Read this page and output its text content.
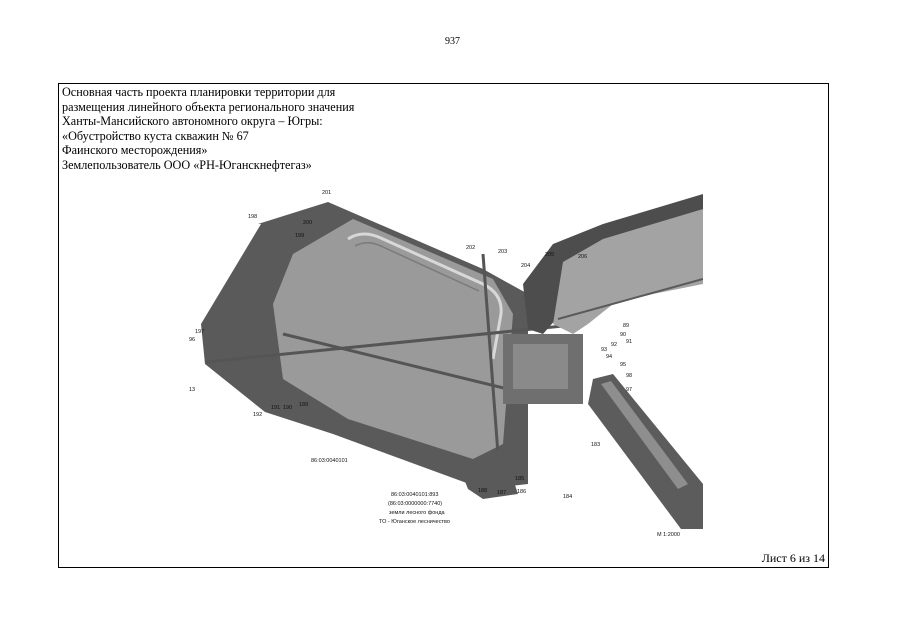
937
Основная часть проекта планировки территории для
размещения линейного объекта регионального значения
Ханты-Мансийского автономного округа – Югры:
«Обустройство куста скважин № 67
Фаинского месторождения»
Землепользователь ООО «РН-Юганскнефтегаз»
201
198
200
199
202
203
204
205	206
197
96
13
89
90
91
92
93
94
95
98
97
192
191 190 189
183
185
188 187 186
184
86:03:0040101
86:03:0040101:893
(86:03:0000000:7740)
земли лесного фонда
ТО - Юганское лесничество
М 1:2000
Лист 6 из 14
